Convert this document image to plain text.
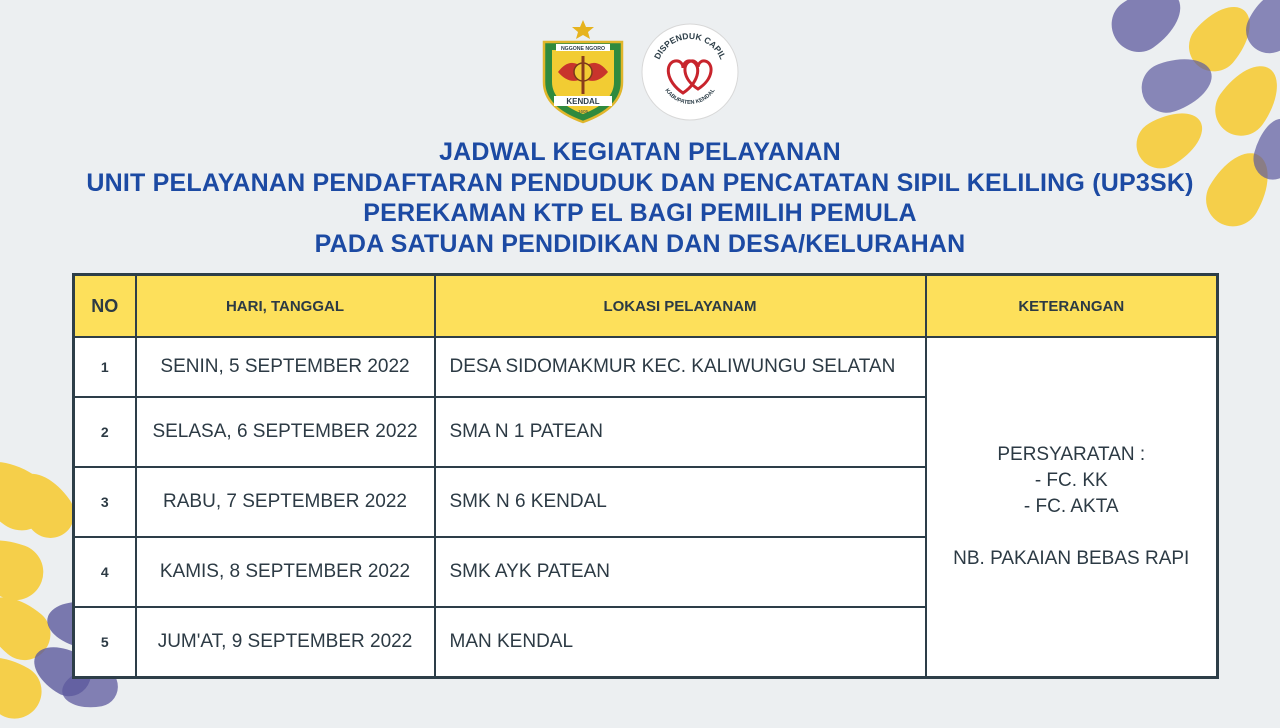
NGGONE NGORO
KENDAL
1605
DISPENDUK CAPIL
KABUPATEN KENDAL
JADWAL KEGIATAN PELAYANAN
UNIT PELAYANAN PENDAFTARAN PENDUDUK DAN PENCATATAN SIPIL KELILING (UP3SK)
PEREKAMAN KTP EL BAGI PEMILIH PEMULA
PADA SATUAN PENDIDIKAN DAN DESA/KELURAHAN
NO	HARI, TANGGAL	LOKASI PELAYANAM	KETERANGAN
1	SENIN, 5 SEPTEMBER 2022	DESA SIDOMAKMUR KEC. KALIWUNGU SELATAN	PERSYARATAN :
- FC. KK
- FC. AKTA
NB. PAKAIAN BEBAS RAPI

2	SELASA, 6 SEPTEMBER 2022	SMA N 1 PATEAN	
3	RABU, 7 SEPTEMBER 2022	SMK N 6 KENDAL	
4	KAMIS, 8 SEPTEMBER 2022	SMK AYK PATEAN	
5	JUM'AT, 9 SEPTEMBER 2022	MAN KENDAL	
